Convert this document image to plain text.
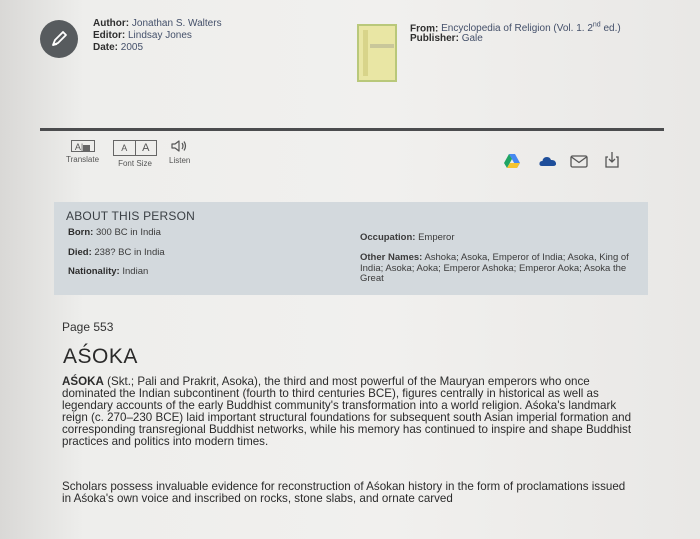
Author: Jonathan S. Walters
Editor: Lindsay Jones
Date: 2005
From: Encyclopedia of Religion (Vol. 1. 2nd ed.)
Publisher: Gale
A|
Translate
A	A
Font Size	Listen
ABOUT THIS PERSON
Born: 300 BC in India
Died: 238? BC in India
Nationality: Indian
Occupation: Emperor
Other Names: Ashoka; Asoka, Emperor of India; Asoka, King of India; Asoka; Aoka; Emperor Ashoka; Emperor Aoka; Asoka the Great
Page 553
AŚOKA
AŚOKA (Skt.; Pali and Prakrit, Asoka), the third and most powerful of the Mauryan emperors who once dominated the Indian subcontinent (fourth to third centuries BCE), figures centrally in historical as well as legendary accounts of the early Buddhist community's transformation into a world religion. Aśoka's landmark reign (c. 270–230 BCE) laid important structural foundations for subsequent south Asian imperial formation and corresponding transregional Buddhist networks, while his memory has continued to inspire and shape Buddhist practices and politics into modern times.
Scholars possess invaluable evidence for reconstruction of Aśokan history in the form of proclamations issued in Aśoka's own voice and inscribed on rocks, stone slabs, and ornate carved
